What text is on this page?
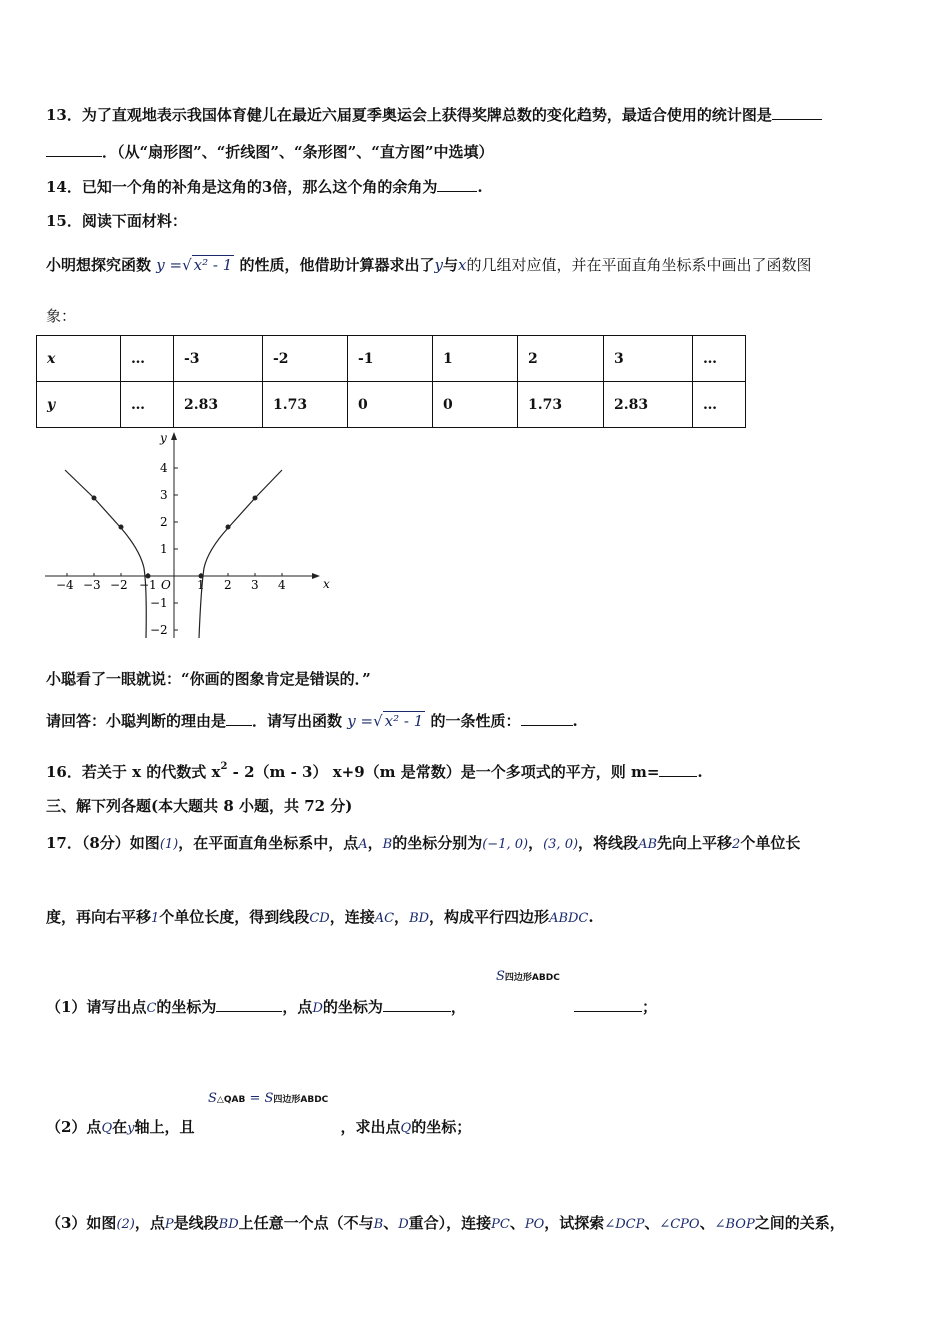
13．为了直观地表示我国体育健儿在最近六届夏季奥运会上获得奖牌总数的变化趋势，最适合使用的统计图是
．（从“扇形图”、“折线图”、“条形图”、“直方图”中选填）
14．已知一个角的补角是这角的3倍，那么这个角的余角为	.
15．阅读下面材料：
小明想探究函数 y =√ x² - 1 的性质，他借助计算器求出了y与x的几组对应值，并在平面直角坐标系中画出了函数图
象：
x	…	-3	-2	-1	1	2	3	…
y	…	2.83	1.73	0	0	1.73	2.83	…
x
y
O
−4 −3 −2 −1	1 2 3 4
4
3
2
1
−1
−2
小聪看了一眼就说：“你画的图象肯定是错误的．”
请回答：小聪判断的理由是 ．请写出函数 y =√ x² - 1 的一条性质：	.
16．若关于 x 的代数式 $x^2 - 2(m - 3)$ x+9（m 是常数）是一个多项式的平方，则 m=	.
三、解下列各题(本大题共 8 小题，共 72 分)
17．（8分）如图(1)，在平面直角坐标系中，点A，B的坐标分别为(−1, 0)，(3, 0)，将线段AB先向上平移2个单位长
度，再向右平移1个单位长度，得到线段CD，连接AC，BD，构成平行四边形ABDC.
（1）请写出点C的坐标为	，点D的坐标为	，
S四边形ABDC
；
S△QAB = S四边形ABDC
（2）点Q在y轴上，且	，求出点Q的坐标；
（3）如图(2)，点P是线段BD上任意一个点（不与B、D重合），连接PC、PO，试探索∠DCP、∠CPO、∠BOP之间的关系，
